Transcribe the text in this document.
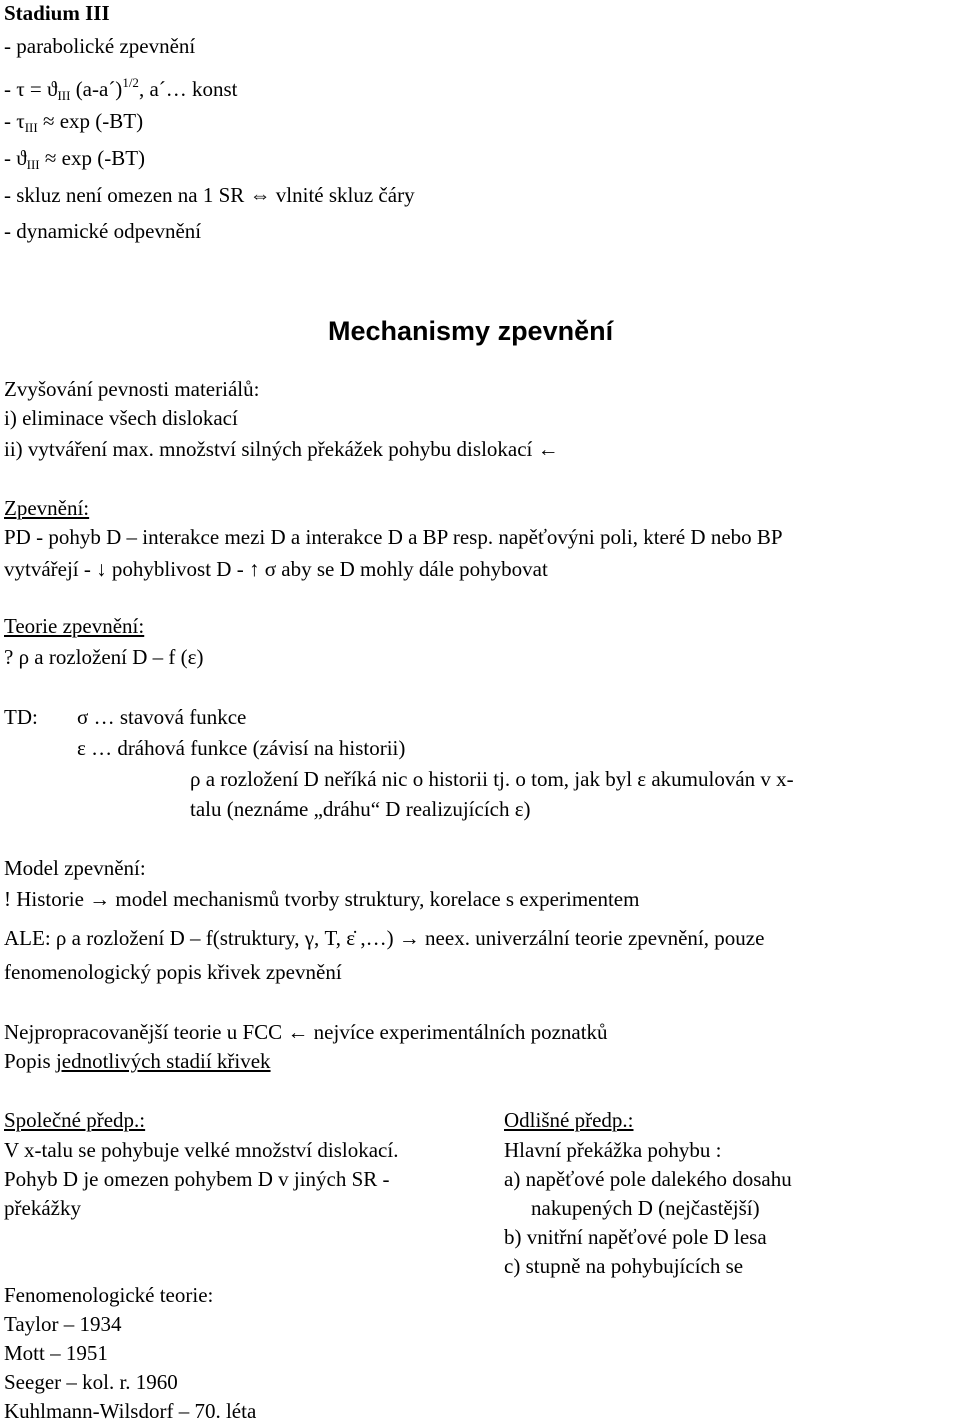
Stadium III
- parabolické zpevnění
- $\tau = ϑ_{III}$ (a-a´)$^{1/2}$, a´… konst
- $\tau_{III} \approx \exp (-BT)$
- $ϑ_{III} \approx \exp (-BT)$
- skluz není omezen na 1 SR ⇔ vlnité skluz čáry
- dynamické odpevnění
Mechanismy zpevnění
Zvyšování pevnosti materiálů:
i) eliminace všech dislokací
ii) vytváření max. množství silných překážek pohybu dislokací ←
Zpevnění:
PD - pohyb D – interakce mezi D a interakce D a BP resp. napěťovýni poli, které D nebo BP
vytvářejí - ↓ pohyblivost D - ↑ σ aby se D mohly dále pohybovat
Teorie zpevnění:
? ρ a rozložení D – f (ε)
TD: σ … stavová funkce
ε … dráhová funkce (závisí na historii)
ρ a rozložení D neříká nic o historii tj. o tom, jak byl ε akumulován v x-
talu (neznáme „dráhu“ D realizujících ε)
Model zpevnění:
! Historie → model mechanismů tvorby struktury, korelace s experimentem
ALE: ρ a rozložení D – f(struktury, γ, T, ε̇ ,…) → neex. univerzální teorie zpevnění, pouze
fenomenologický popis křivek zpevnění
Nejpropracovanější teorie u FCC ← nejvíce experimentálních poznatků
Popis jednotlivých stadií křivek
Společné předp.:
V x-talu se pohybuje velké množství dislokací.
Pohyb D je omezen pohybem D v jiných SR -
překážky
Odlišné předp.:
Hlavní překážka pohybu :
a) napěťové pole dalekého dosahu
nakupených D (nejčastější)
b) vnitřní napěťové pole D lesa
c) stupně na pohybujících se
Fenomenologické teorie:
Taylor – 1934
Mott – 1951
Seeger – kol. r. 1960
Kuhlmann-Wilsdorf – 70. léta
